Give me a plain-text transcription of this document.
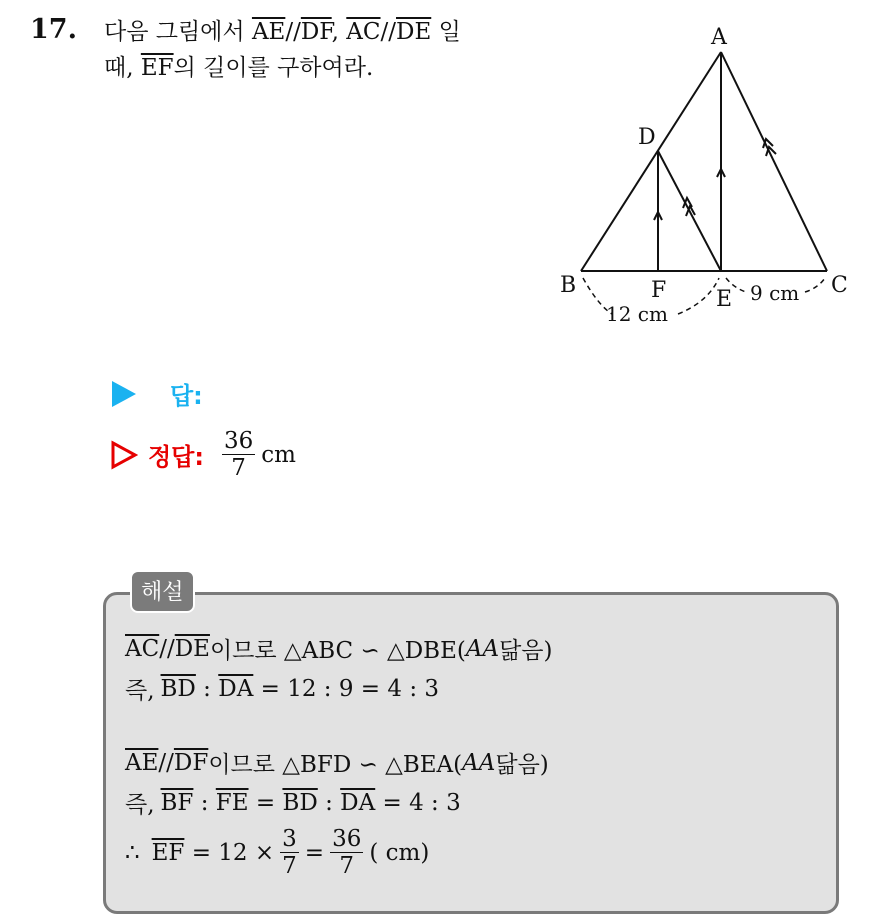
17. 다음 그림에서 $\overline{AE}//\overline{DF}$, $\overline{AC}//\overline{DE}$ 일
때, $\overline{EF}$의 길이를 구하여라.
A
B	C
D
E
F
12 cm
9 cm
답:
정답: $\frac{36}{7}$ cm
해설
$\overline{AC} // \overline{DE}$ 이므로 △ABC ∽ △DBE( AA 닮음)
즉, $\overline{BD}$ : $\overline{DA} = 12$ : 9 = 4 : 3
$\overline{AE} // \overline{DF}$ 이므로 △BFD ∽ △BEA( AA 닮음)
즉, $\overline{BF}$ : $\overline{FE} = \overline{BD}$ : $\overline{DA} = 4$ : 3
∴ $\overline{EF} = 12 \times \frac{3}{7} = \frac{36}{7}$ ( cm)
